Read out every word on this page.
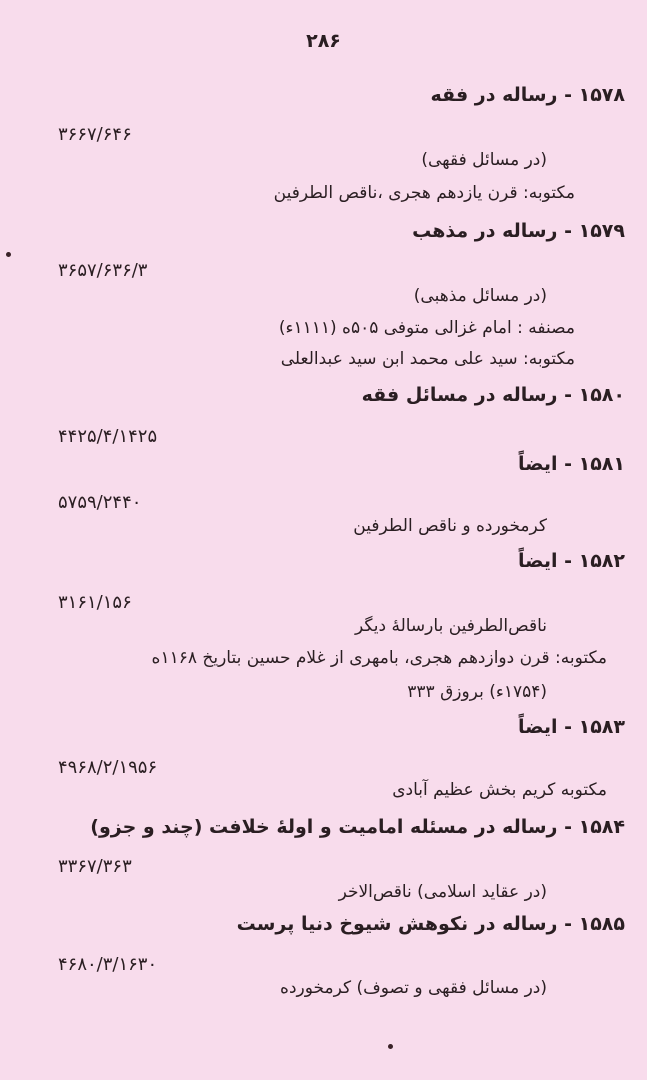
۲۸۶
۱۵۷۸ - رساله در فقه
۳۶۶۷/۶۴۶
(در مسائل فقهی)
مکتوبه: قرن یازدهم هجری ،ناقص الطرفین
۱۵۷۹ - رساله در مذهب
۳۶۵۷/۶۳۶/۳
(در مسائل مذهبی)
مصنفه : امام غزالی متوفی ۵۰۵ه (۱۱۱۱ء)
مکتوبه: سید علی محمد ابن سید عبدالعلی
۱۵۸۰ - رساله در مسائل فقه
۴۴۲۵/۴/۱۴۲۵
۱۵۸۱ - ایضاً
۵۷۵۹/۲۴۴۰
کرمخورده و ناقص الطرفین
۱۵۸۲ - ایضاً
۳۱۶۱/۱۵۶
ناقص‌الطرفین بارسالهٔ دیگر
مکتوبه: قرن دوازدهم هجری، بامهری از غلام حسین بتاریخ ۱۱۶۸ه
(۱۷۵۴ء) بروزق ۳۳۳
۱۵۸۳ - ایضاً
۴۹۶۸/۲/۱۹۵۶
مکتوبه کریم بخش عظیم آبادی
۱۵۸۴ - رساله در مسئله امامیت و اولهٔ خلافت (چند و جزو)
۳۳۶۷/۳۶۳
(در عقاید اسلامی) ناقص‌الاخر
۱۵۸۵ - رساله در نکوهش شیوخ دنیا پرست
۴۶۸۰/۳/۱۶۳۰
(در مسائل فقهی و تصوف) کرمخورده
